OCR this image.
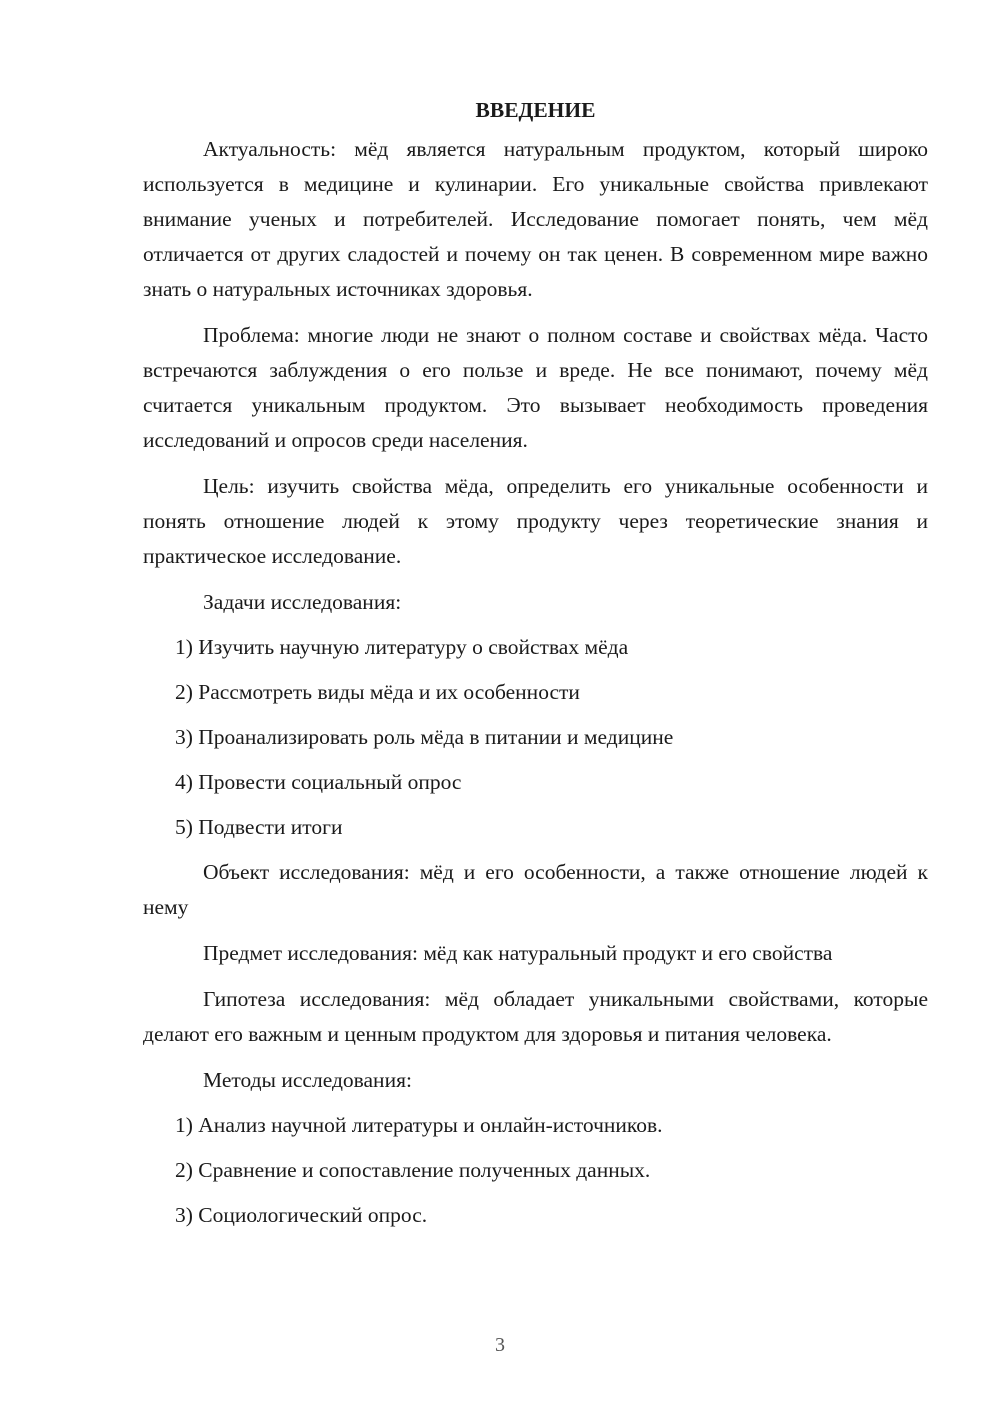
ВВЕДЕНИЕ

Актуальность: мёд является натуральным продуктом, который широко используется в медицине и кулинарии. Его уникальные свойства привлекают внимание ученых и потребителей. Исследование помогает понять, чем мёд отличается от других сладостей и почему он так ценен. В современном мире важно знать о натуральных источниках здоровья.

Проблема: многие люди не знают о полном составе и свойствах мёда. Часто встречаются заблуждения о его пользе и вреде. Не все понимают, почему мёд считается уникальным продуктом. Это вызывает необходимость проведения исследований и опросов среди населения.

Цель: изучить свойства мёда, определить его уникальные особенности и понять отношение людей к этому продукту через теоретические знания и практическое исследование.

Задачи исследования:
1) Изучить научную литературу о свойствах мёда
2) Рассмотреть виды мёда и их особенности
3) Проанализировать роль мёда в питании и медицине
4) Провести социальный опрос
5) Подвести итоги

Объект исследования: мёд и его особенности, а также отношение людей к нему

Предмет исследования: мёд как натуральный продукт и его свойства

Гипотеза исследования: мёд обладает уникальными свойствами, которые делают его важным и ценным продуктом для здоровья и питания человека.

Методы исследования:
1) Анализ научной литературы и онлайн-источников.
2) Сравнение и сопоставление полученных данных.
3) Социологический опрос.
3
